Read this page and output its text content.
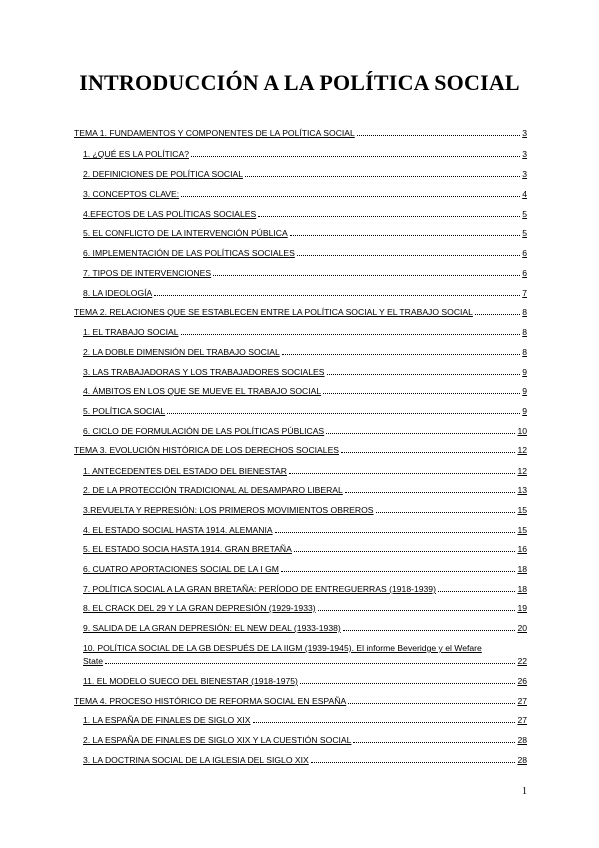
INTRODUCCIÓN A LA POLÍTICA SOCIAL
TEMA 1. FUNDAMENTOS Y COMPONENTES DE LA POLÍTICA SOCIAL	3
1. ¿QUÉ ES LA POLÍTICA?	3
2. DEFINICIONES DE POLÍTICA SOCIAL	3
3. CONCEPTOS CLAVE:	4
4.EFECTOS DE LAS POLÍTICAS SOCIALES	5
5. EL CONFLICTO DE LA INTERVENCIÓN PÚBLICA	5
6. IMPLEMENTACIÓN DE LAS POLÍTICAS SOCIALES	6
7. TIPOS DE INTERVENCIONES	6
8. LA IDEOLOGÍA	7
TEMA 2. RELACIONES QUE SE ESTABLECEN ENTRE LA POLÍTICA SOCIAL Y EL TRABAJO SOCIAL	8
1. EL TRABAJO SOCIAL	8
2. LA DOBLE DIMENSIÓN DEL TRABAJO SOCIAL	8
3. LAS TRABAJADORAS Y LOS TRABAJADORES SOCIALES	9
4. ÁMBITOS EN LOS QUE SE MUEVE EL TRABAJO SOCIAL	9
5. POLÍTICA SOCIAL	9
6. CICLO DE FORMULACIÓN DE LAS POLÍTICAS PÚBLICAS	10
TEMA 3. EVOLUCIÓN HISTÓRICA DE LOS DERECHOS SOCIALES	12
1. ANTECEDENTES DEL ESTADO DEL BIENESTAR	12
2. DE LA PROTECCIÓN TRADICIONAL AL DESAMPARO LIBERAL	13
3.REVUELTA Y REPRESIÓN: LOS PRIMEROS MOVIMIENTOS OBREROS	15
4. EL ESTADO SOCIAL HASTA 1914. ALEMANIA	15
5. EL ESTADO SOCIA HASTA 1914. GRAN BRETAÑA	16
6. CUATRO APORTACIONES SOCIAL DE LA I GM	18
7. POLÍTICA SOCIAL A LA GRAN BRETAÑA: PERÍODO DE ENTREGUERRAS (1918-1939)	18
8. EL CRACK DEL 29 Y LA GRAN DEPRESIÓN (1929-1933)	19
9. SALIDA DE LA GRAN DEPRESIÓN: EL NEW DEAL (1933-1938)	20
10. POLÍTICA SOCIAL DE LA GB DESPUÉS DE LA IIGM (1939-1945). El informe Beveridge y el Wefare
State	22
11. EL MODELO SUECO DEL BIENESTAR (1918-1975)	26
TEMA 4. PROCESO HISTÓRICO DE REFORMA SOCIAL EN ESPAÑA	27
1. LA ESPAÑA DE FINALES DE SIGLO XIX	27
2. LA ESPAÑA DE FINALES DE SIGLO XIX Y LA CUESTIÓN SOCIAL	28
3. LA DOCTRINA SOCIAL DE LA IGLESIA DEL SIGLO XIX	28
1
